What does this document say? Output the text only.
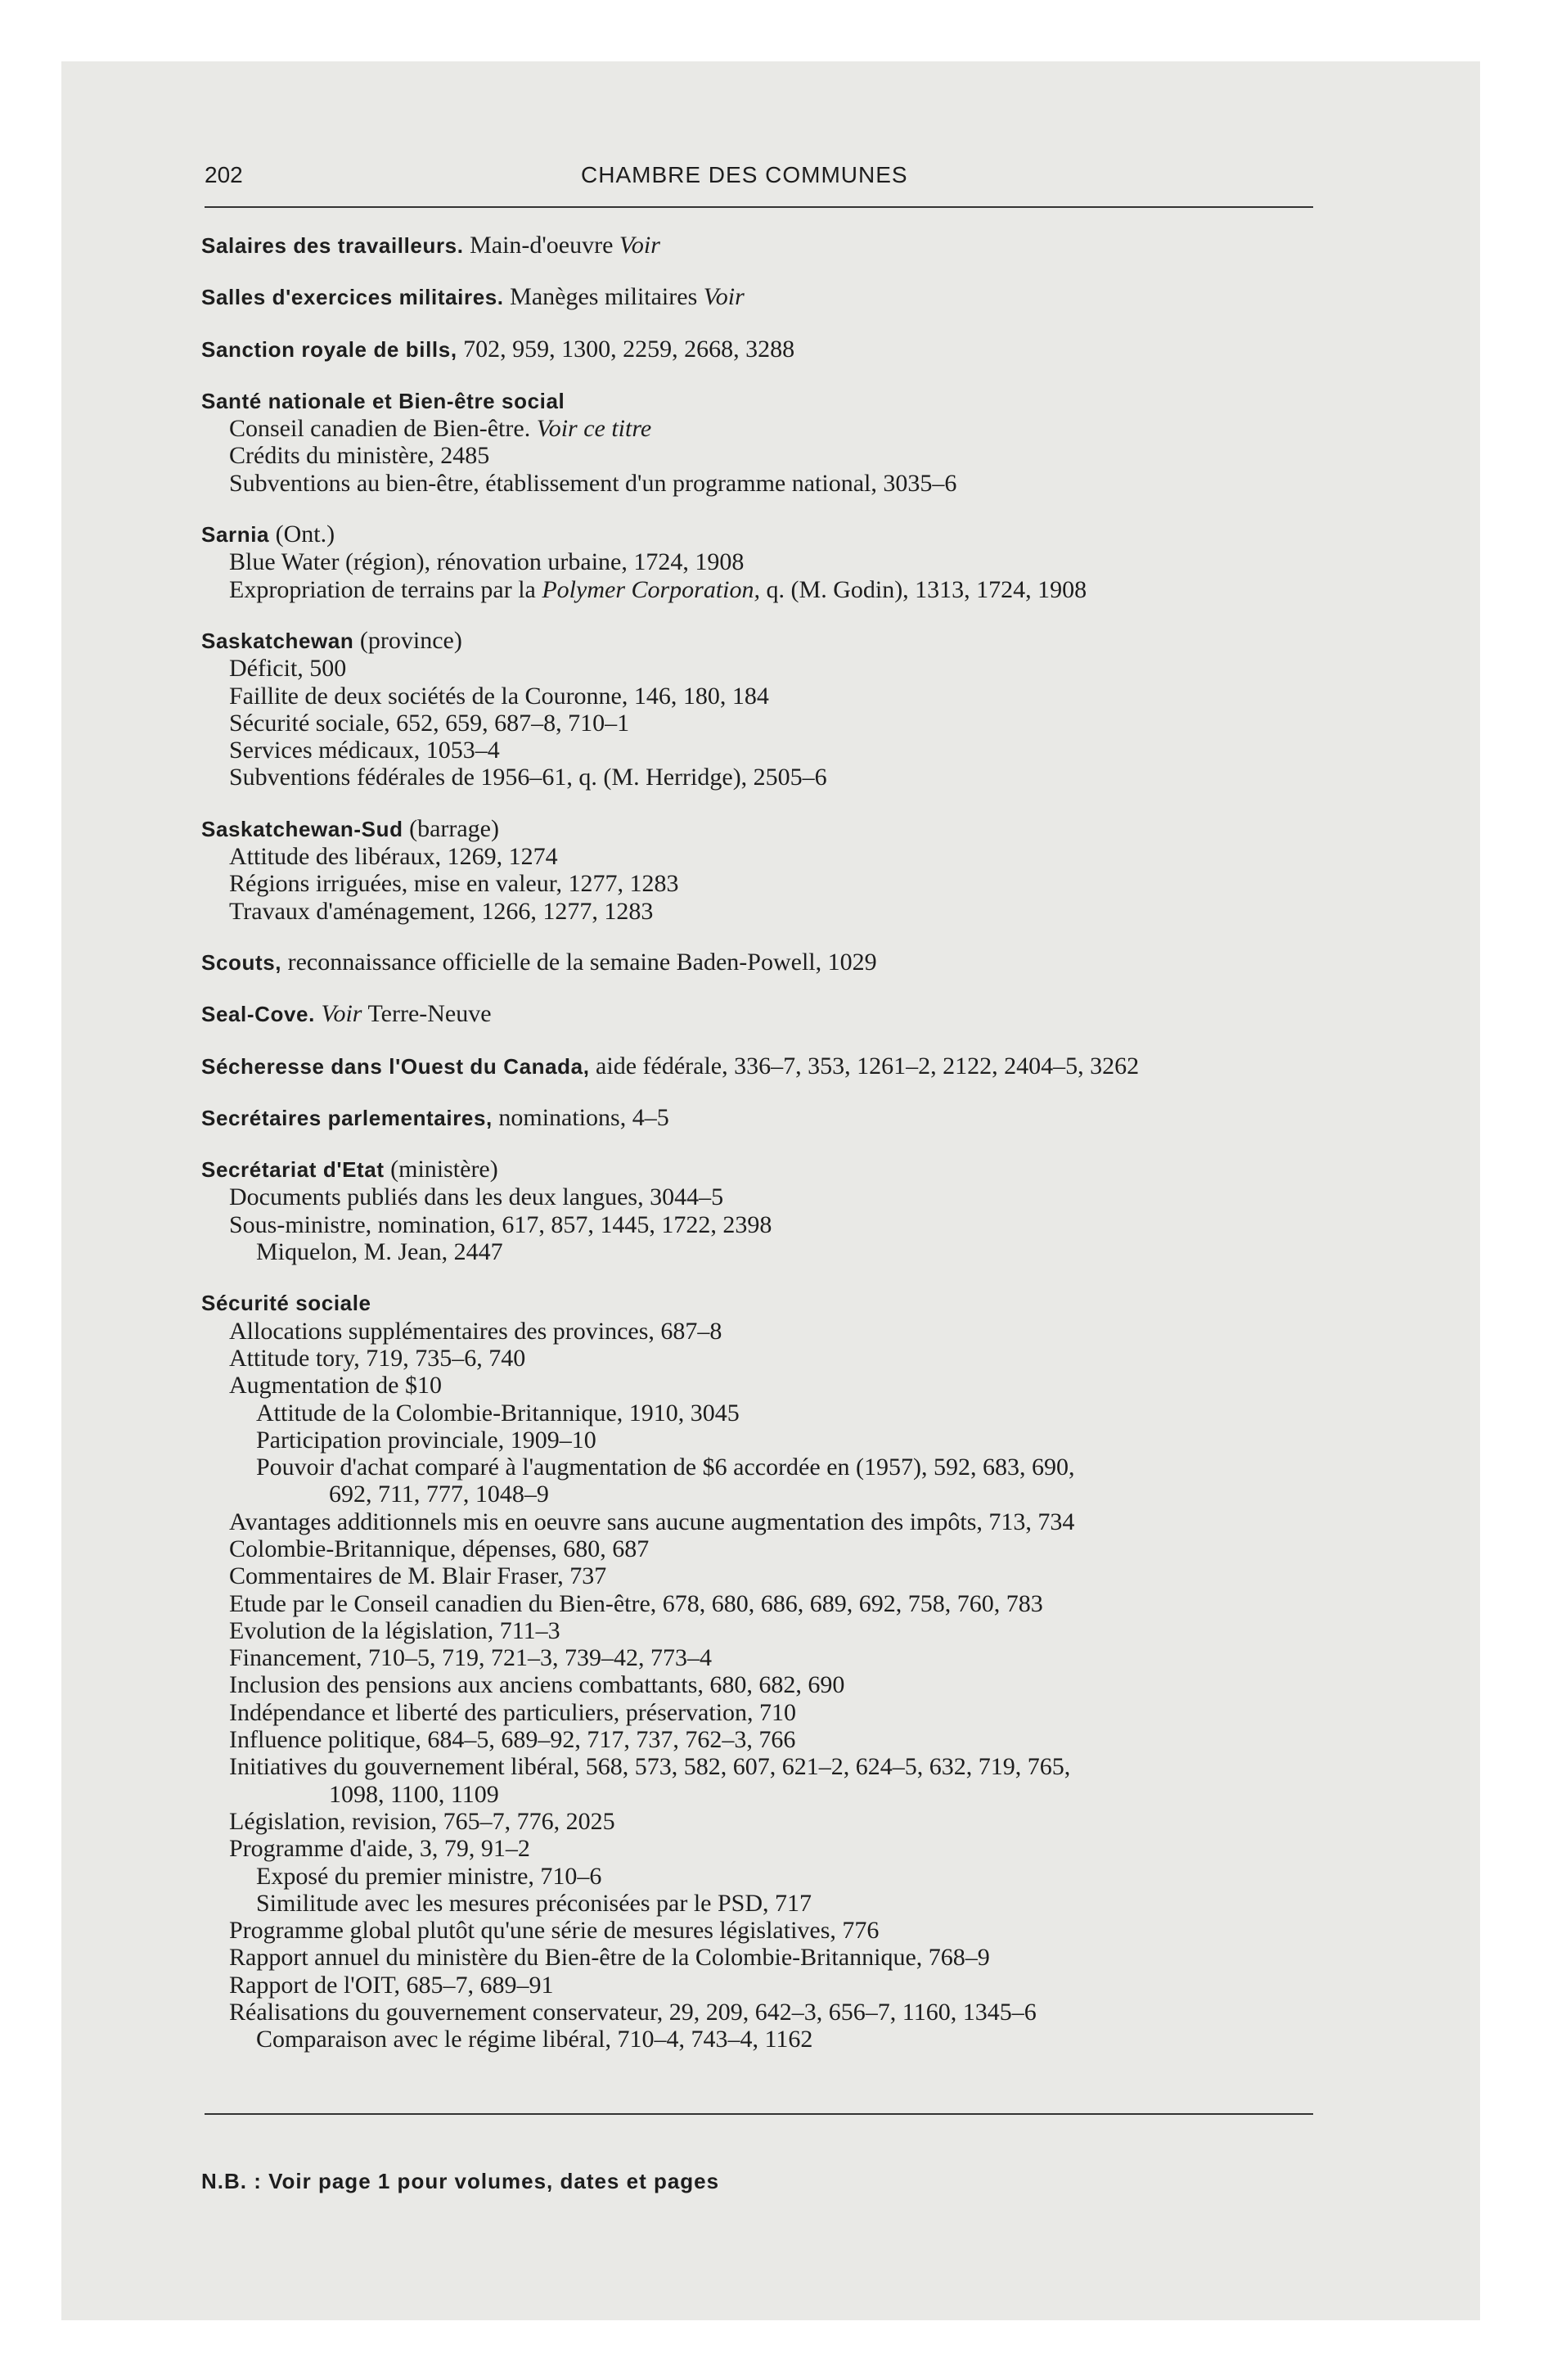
202	CHAMBRE DES COMMUNES
Salaires des travailleurs. Main-d'oeuvre Voir
Salles d'exercices militaires. Manèges militaires Voir
Sanction royale de bills, 702, 959, 1300, 2259, 2668, 3288
Santé nationale et Bien-être social
Conseil canadien de Bien-être. Voir ce titre
Crédits du ministère, 2485
Subventions au bien-être, établissement d'un programme national, 3035–6
Sarnia (Ont.)
Blue Water (région), rénovation urbaine, 1724, 1908
Expropriation de terrains par la Polymer Corporation, q. (M. Godin), 1313, 1724, 1908
Saskatchewan (province)
Déficit, 500
Faillite de deux sociétés de la Couronne, 146, 180, 184
Sécurité sociale, 652, 659, 687–8, 710–1
Services médicaux, 1053–4
Subventions fédérales de 1956–61, q. (M. Herridge), 2505–6
Saskatchewan-Sud (barrage)
Attitude des libéraux, 1269, 1274
Régions irriguées, mise en valeur, 1277, 1283
Travaux d'aménagement, 1266, 1277, 1283
Scouts, reconnaissance officielle de la semaine Baden-Powell, 1029
Seal-Cove. Voir Terre-Neuve
Sécheresse dans l'Ouest du Canada, aide fédérale, 336–7, 353, 1261–2, 2122, 2404–5, 3262
Secrétaires parlementaires, nominations, 4–5
Secrétariat d'Etat (ministère)
Documents publiés dans les deux langues, 3044–5
Sous-ministre, nomination, 617, 857, 1445, 1722, 2398
Miquelon, M. Jean, 2447
Sécurité sociale
Allocations supplémentaires des provinces, 687–8
Attitude tory, 719, 735–6, 740
Augmentation de $10
Attitude de la Colombie-Britannique, 1910, 3045
Participation provinciale, 1909–10
Pouvoir d'achat comparé à l'augmentation de $6 accordée en (1957), 592, 683, 690,
692, 711, 777, 1048–9
Avantages additionnels mis en oeuvre sans aucune augmentation des impôts, 713, 734
Colombie-Britannique, dépenses, 680, 687
Commentaires de M. Blair Fraser, 737
Etude par le Conseil canadien du Bien-être, 678, 680, 686, 689, 692, 758, 760, 783
Evolution de la législation, 711–3
Financement, 710–5, 719, 721–3, 739–42, 773–4
Inclusion des pensions aux anciens combattants, 680, 682, 690
Indépendance et liberté des particuliers, préservation, 710
Influence politique, 684–5, 689–92, 717, 737, 762–3, 766
Initiatives du gouvernement libéral, 568, 573, 582, 607, 621–2, 624–5, 632, 719, 765,
1098, 1100, 1109
Législation, revision, 765–7, 776, 2025
Programme d'aide, 3, 79, 91–2
Exposé du premier ministre, 710–6
Similitude avec les mesures préconisées par le PSD, 717
Programme global plutôt qu'une série de mesures législatives, 776
Rapport annuel du ministère du Bien-être de la Colombie-Britannique, 768–9
Rapport de l'OIT, 685–7, 689–91
Réalisations du gouvernement conservateur, 29, 209, 642–3, 656–7, 1160, 1345–6
Comparaison avec le régime libéral, 710–4, 743–4, 1162
N.B. : Voir page 1 pour volumes, dates et pages
